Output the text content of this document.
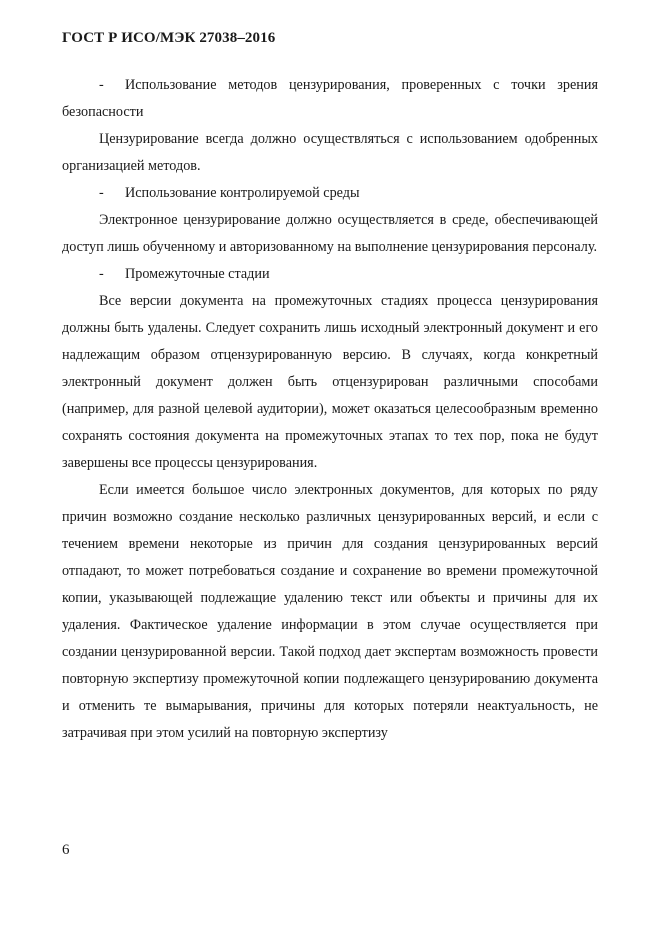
ГОСТ Р ИСО/МЭК 27038–2016

- Использование методов цензурирования, проверенных с точки зрения безопасности

Цензурирование всегда должно осуществляться с использованием одобренных организацией методов.

- Использование контролируемой среды

Электронное цензурирование должно осуществляется в среде, обеспечивающей доступ лишь обученному и авторизованному на выполнение цензурирования персоналу.

- Промежуточные стадии

Все версии документа на промежуточных стадиях процесса цензурирования должны быть удалены. Следует сохранить лишь исходный электронный документ и его надлежащим образом отцензурированную версию. В случаях, когда конкретный электронный документ должен быть отцензурирован различными способами (например, для разной целевой аудитории), может оказаться целесообразным временно сохранять состояния документа на промежуточных этапах то тех пор, пока не будут завершены все процессы цензурирования.

Если имеется большое число электронных документов, для которых по ряду причин возможно создание несколько различных цензурированных версий, и если с течением времени некоторые из причин для создания цензурированных версий отпадают, то может потребоваться создание и сохранение во времени промежуточной копии, указывающей подлежащие удалению текст или объекты и причины для их удаления. Фактическое удаление информации в этом случае осуществляется при создании цензурированной версии. Такой подход дает экспертам возможность провести повторную экспертизу промежуточной копии подлежащего цензурированию документа и отменить те вымарывания, причины для которых потеряли неактуальность, не затрачивая при этом усилий на повторную экспертизу

6
